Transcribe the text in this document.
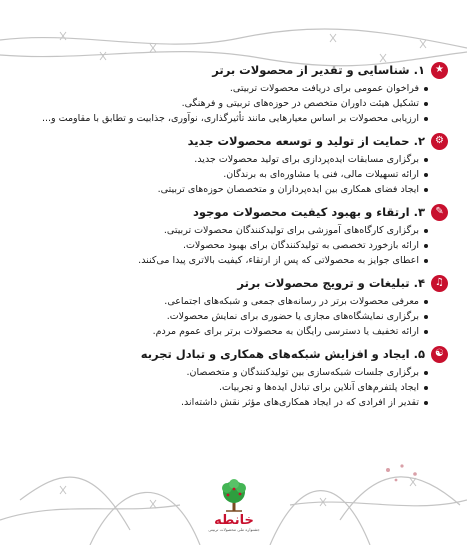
★
۱. شناسایی و تقدیر از محصولات برتر
فراخوان عمومی برای دریافت محصولات تربیتی.
تشکیل هیئت داوران متخصص در حوزه‌های تربیتی و فرهنگی.
ارزیابی محصولات بر اساس معیارهایی مانند تأثیرگذاری، نوآوری، جذابیت و تطابق با مقاومت و...
⚙
۲. حمایت از تولید و توسعه محصولات جدید
برگزاری مسابقات ایده‌پردازی برای تولید محصولات جدید.
ارائه تسهیلات مالی، فنی یا مشاوره‌ای به برندگان.
ایجاد فضای همکاری بین ایده‌پردازان و متخصصان حوزه‌های تربیتی.
✎
۳. ارتقاء و بهبود کیفیت محصولات موجود
برگزاری کارگاه‌های آموزشی برای تولیدکنندگان محصولات تربیتی.
ارائه بازخورد تخصصی به تولیدکنندگان برای بهبود محصولات.
اعطای جوایز به محصولاتی که پس از ارتقاء، کیفیت بالاتری پیدا می‌کنند.
♫
۴. تبلیغات و ترویج محصولات برتر
معرفی محصولات برتر در رسانه‌های جمعی و شبکه‌های اجتماعی.
برگزاری نمایشگاه‌های مجازی یا حضوری برای نمایش محصولات.
ارائه تخفیف یا دسترسی رایگان به محصولات برتر برای عموم مردم.
☯
۵. ایجاد و افزایش شبکه‌های همکاری و تبادل تجربه
برگزاری جلسات شبکه‌سازی بین تولیدکنندگان و متخصصان.
ایجاد پلتفرم‌های آنلاین برای تبادل ایده‌ها و تجربیات.
تقدیر از افرادی که در ایجاد همکاری‌های مؤثر نقش داشته‌اند.
خانطه
جشنواره ملی محصولات تربیتی
